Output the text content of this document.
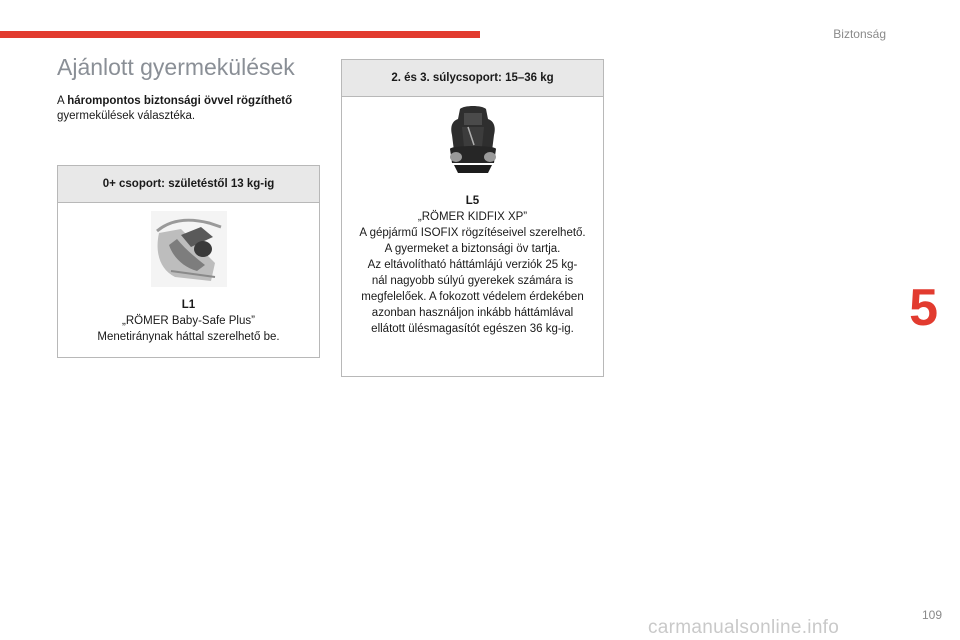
Biztonság
5
Ajánlott gyermekülések
A hárompontos biztonsági övvel rögzíthető gyermekülések választéka.
0+ csoport: születéstől 13 kg-ig
L1
„RÖMER Baby-Safe Plus”
Menetiránynak háttal szerelhető be.
2. és 3. súlycsoport: 15–36 kg
L5
„RÖMER KIDFIX XP”
A gépjármű ISOFIX rögzítéseivel szerelhető.
A gyermeket a biztonsági öv tartja.
Az eltávolítható háttámlájú verziók 25 kg-
nál nagyobb súlyú gyerekek számára is
megfelelőek. A fokozott védelem érdekében
azonban használjon inkább háttámlával
ellátott ülésmagasítót egészen 36 kg-ig.
carmanualsonline.info
109
